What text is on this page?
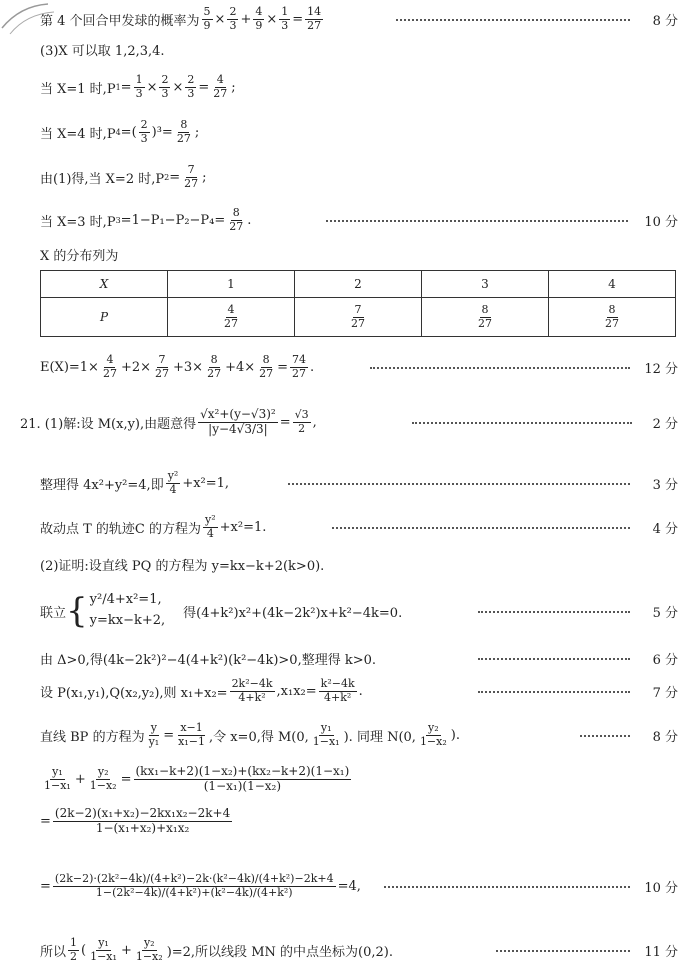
第 4 个回合甲发球的概率为 $\frac{5}{9} \times \frac{2}{3} + \frac{4}{9} \times \frac{1}{3} = \frac{14}{27}$	8 分
(3)X 可以取 1,2,3,4.
当 X=1 时,P $1 = \frac{1}{3} \times \frac{2}{3} \times \frac{2}{3} = \frac{4}{27}$ ;
当 X=4 时,P 4 =( $\frac{2}{3} )^3= \frac{8}{27}$ ;
由(1)得,当 X=2 时,P $2 = \frac{7}{27}$ ;
当 X=3 时,P $3 =1-P_1-P_2-P_4= \frac{8}{27}$ .	10 分
X 的分布列为
X	1	2	3	4
P	$\frac{4}{27}$	$\frac{7}{27}$	$\frac{8}{27}$	$\frac{8}{27}$
$E(X)=1\times \frac{4}{27} +2\times \frac{7}{27} +3\times \frac{8}{27} +4\times \frac{8}{27} = \frac{74}{27}$ .	12 分
21. (1)解:设 M(x,y),由题意得 $\frac{\text{√x²+(y−√3)²}}{|y-4√3/3|} = \frac{√3}{2}$ ,	2 分
整理得 4x²+y²=4,即 $\frac{\text{y²}}{4} +x^2=1$,	3 分
故动点 T 的轨迹C 的方程为 $\frac{\text{y²}}{4} +x^2=1$.	4 分
(2)证明:设直线 PQ 的方程为 y=kx−k+2(k>0).
联立 { y²/4+x²=1,
y=kx−k+2, 得(4+k²)x²+(4k−2k²)x+k²−4k=0.	5 分
由 Δ>0,得(4k−2k²)²−4(4+k²)(k²−4k)>0,整理得 k>0.	6 分
设 P(x₁,y₁),Q(x₂,y₂),则 $x_1+x_2= \frac{\text{2k²−4k}}{\text{4+k²}} ,x_1x_2= \frac{\text{k²−4k}}{\text{4+k²}}$ .	7 分
直线 BP 的方程为 $\frac{y}{\text{y₁}} = \frac{x-1}{\text{x₁−1}}$ ,令 x=0,得 M(0, $\frac{\text{y₁}}{\text{1−x₁}}$ ). 同理 N(0, $\frac{\text{y₂}}{\text{1−x₂}}$ ).	8 分
$\frac{\text{y₁}}{\text{1−x₁}} + \frac{\text{y₂}}{\text{1−x₂}} = \frac{\text{(kx₁−k+2)(1−x₂)+(kx₂−k+2)(1−x₁)}}{\text{(1−x₁)(1−x₂)}}$
= $\frac{\text{(2k−2)(x₁+x₂)−2kx₁x₂−2k+4}}{\text{1−(x₁+x₂)+x₁x₂}}$
= $\frac{\text{(2k−2)·(2k²−4k)/(4+k²)−2k·(k²−4k)/(4+k²)−2k+4}}{\text{1−(2k²−4k)/(4+k²)+(k²−4k)/(4+k²)}} =4$,	10 分
所以 $\frac{1}{2}$ ( $\frac{\text{y₁}}{\text{1−x₁}} + \frac{\text{y₂}}{\text{1−x₂}} )=2$,所以线段 MN 的中点坐标为(0,2).	11 分
